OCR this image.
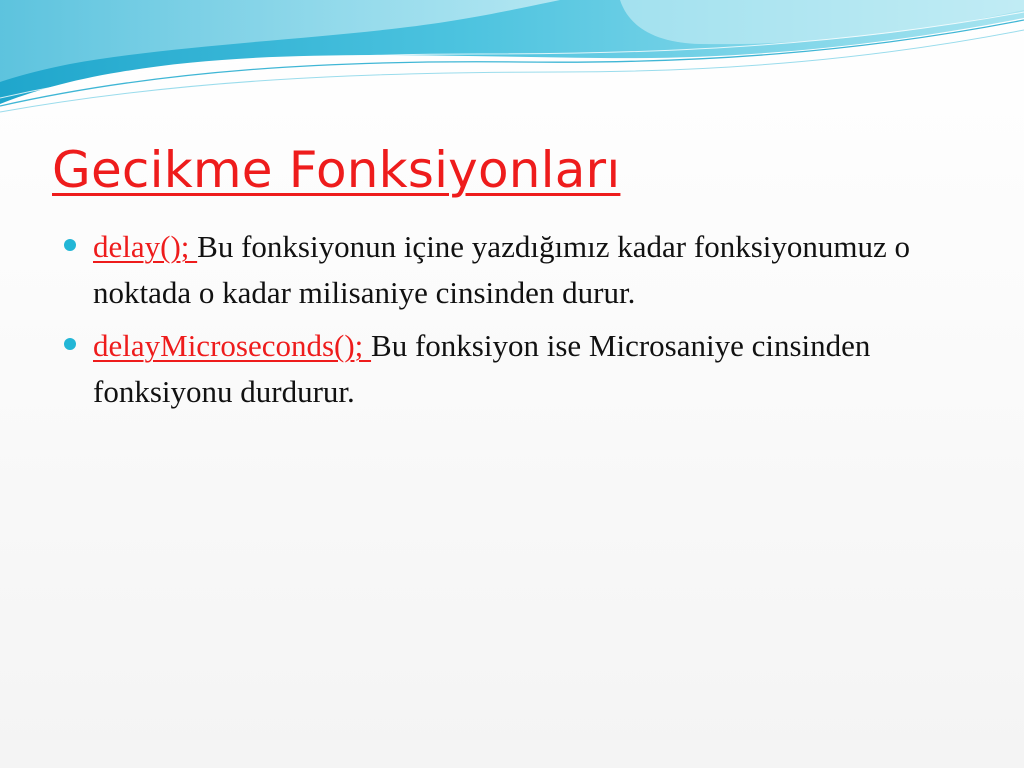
Gecikme Fonksiyonları
delay(); Bu fonksiyonun içine yazdığımız kadar fonksiyonumuz o noktada o kadar milisaniye cinsinden durur.
delayMicroseconds(); Bu fonksiyon ise Microsaniye cinsinden fonksiyonu durdurur.
